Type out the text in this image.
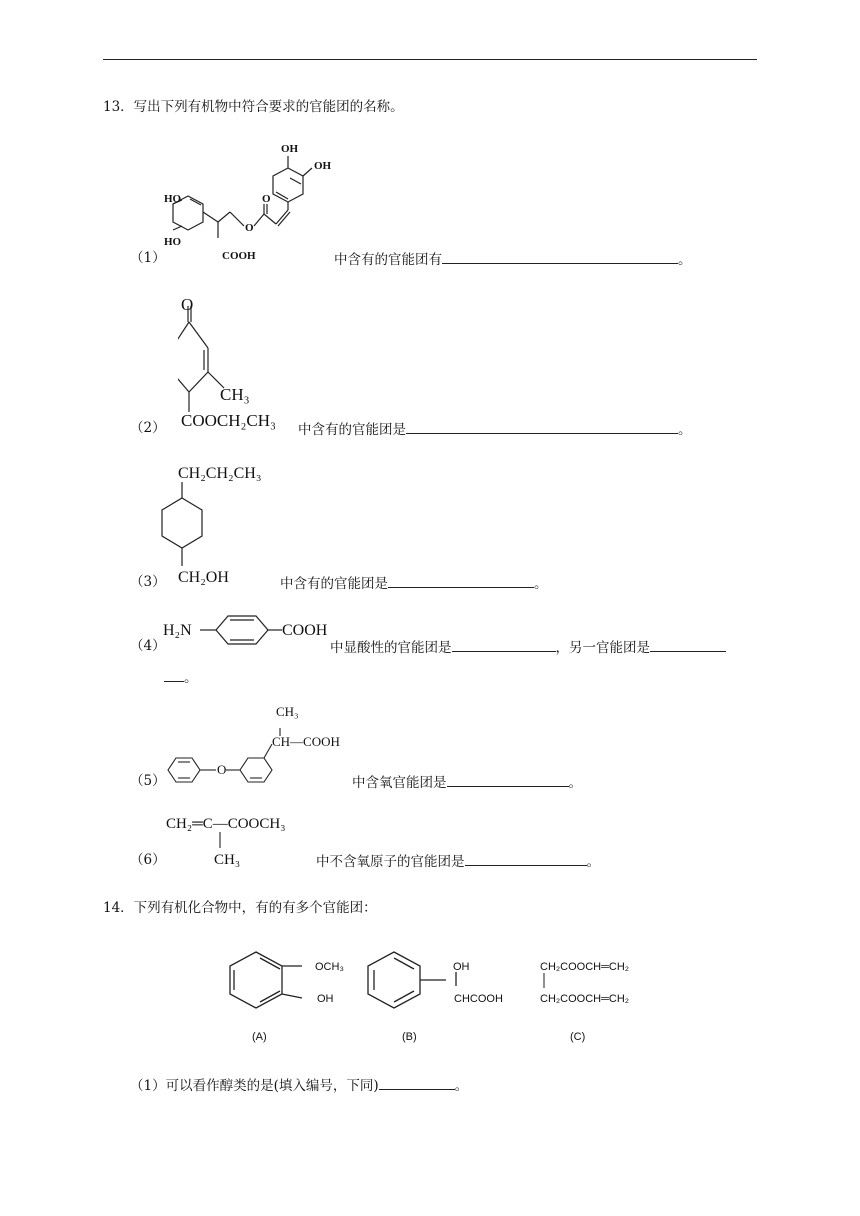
13．写出下列有机物中符合要求的官能团的名称。
OH
OH
HO
HO
O
O
COOH
（1）	中含有的官能团有	。
O
CH₃
COOCH₂CH₃
（2）	中含有的官能团是	。
CH₂CH₂CH₃
CH₂OH
（3）	中含有的官能团是	。
H₂N	COOH
（4）	中显酸性的官能团是	，另一官能团是
。
CH₃
CH—COOH
O
（5）	中含氧官能团是	。
CH₂═C—COOCH₃
CH₃
（6）	中不含氧原子的官能团是	。
14．下列有机化合物中，有的有多个官能团：
OCH₃
OH
(A)
OH
CHCOOH
(B)
CH₂COOCH═CH₂
CH₂COOCH═CH₂
(C)
（1）可以看作醇类的是(填入编号，下同)	。
